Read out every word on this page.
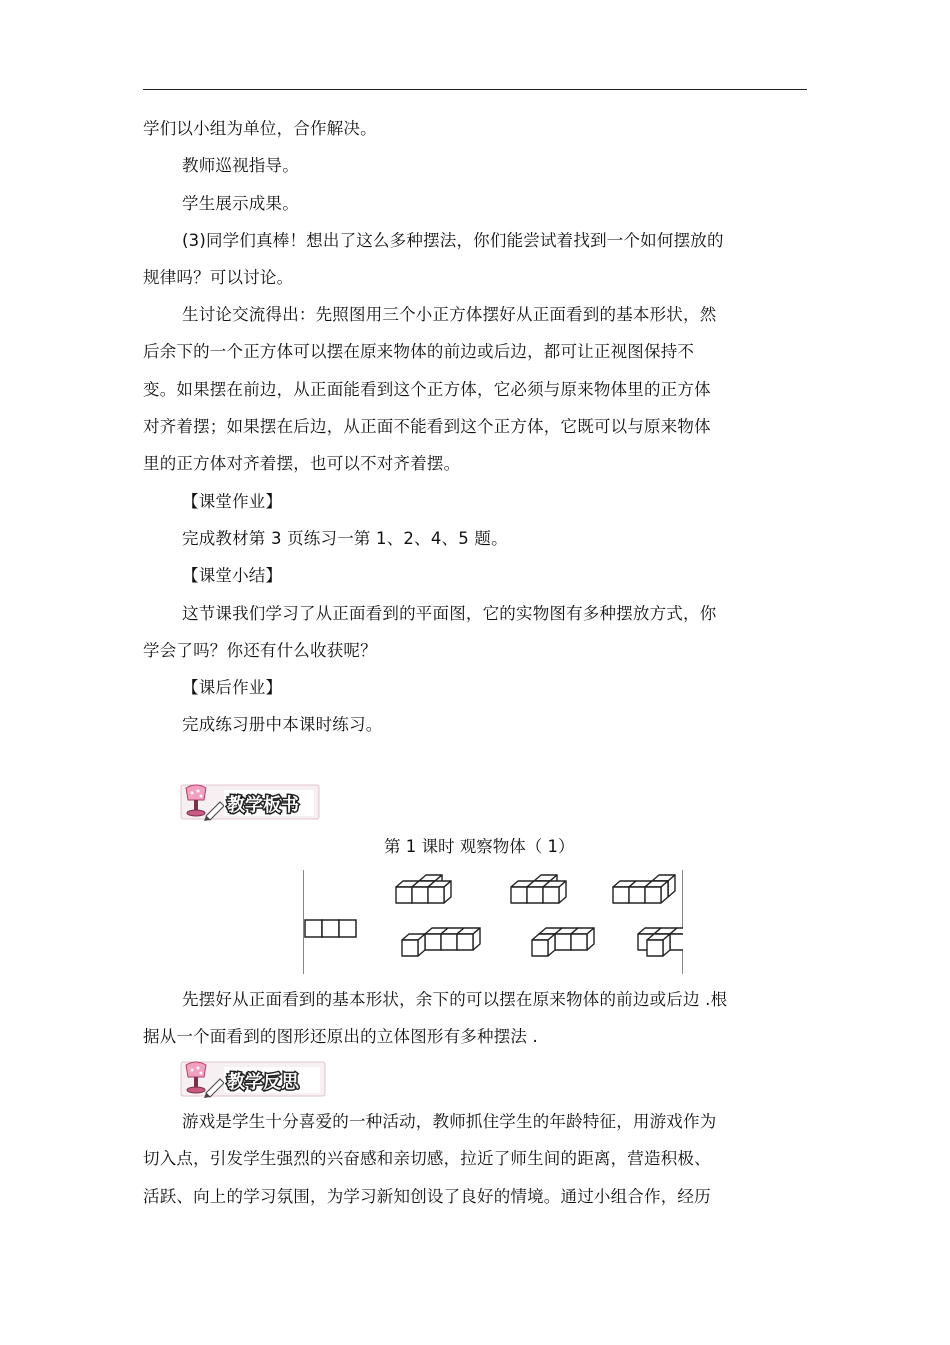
学们以小组为单位，合作解决。
教师巡视指导。
学生展示成果。
(3)同学们真棒！想出了这么多种摆法，你们能尝试着找到一个如何摆放的
规律吗？可以讨论。
生讨论交流得出：先照图用三个小正方体摆好从正面看到的基本形状，然
后余下的一个正方体可以摆在原来物体的前边或后边，都可让正视图保持不
变。如果摆在前边，从正面能看到这个正方体，它必须与原来物体里的正方体
对齐着摆；如果摆在后边，从正面不能看到这个正方体，它既可以与原来物体
里的正方体对齐着摆，也可以不对齐着摆。
【课堂作业】
完成教材第 3 页练习一第 1、2、4、5 题。
【课堂小结】
这节课我们学习了从正面看到的平面图，它的实物图有多种摆放方式，你
学会了吗？你还有什么收获呢？
【课后作业】
完成练习册中本课时练习。
教学板书
第 1 课时 观察物体（ 1）
先摆好从正面看到的基本形状，余下的可以摆在原来物体的前边或后边 .根
据从一个面看到的图形还原出的立体图形有多种摆法 .
教学反思
游戏是学生十分喜爱的一种活动，教师抓住学生的年龄特征，用游戏作为
切入点，引发学生强烈的兴奋感和亲切感，拉近了师生间的距离，营造积极、
活跃、向上的学习氛围，为学习新知创设了良好的情境。通过小组合作，经历
